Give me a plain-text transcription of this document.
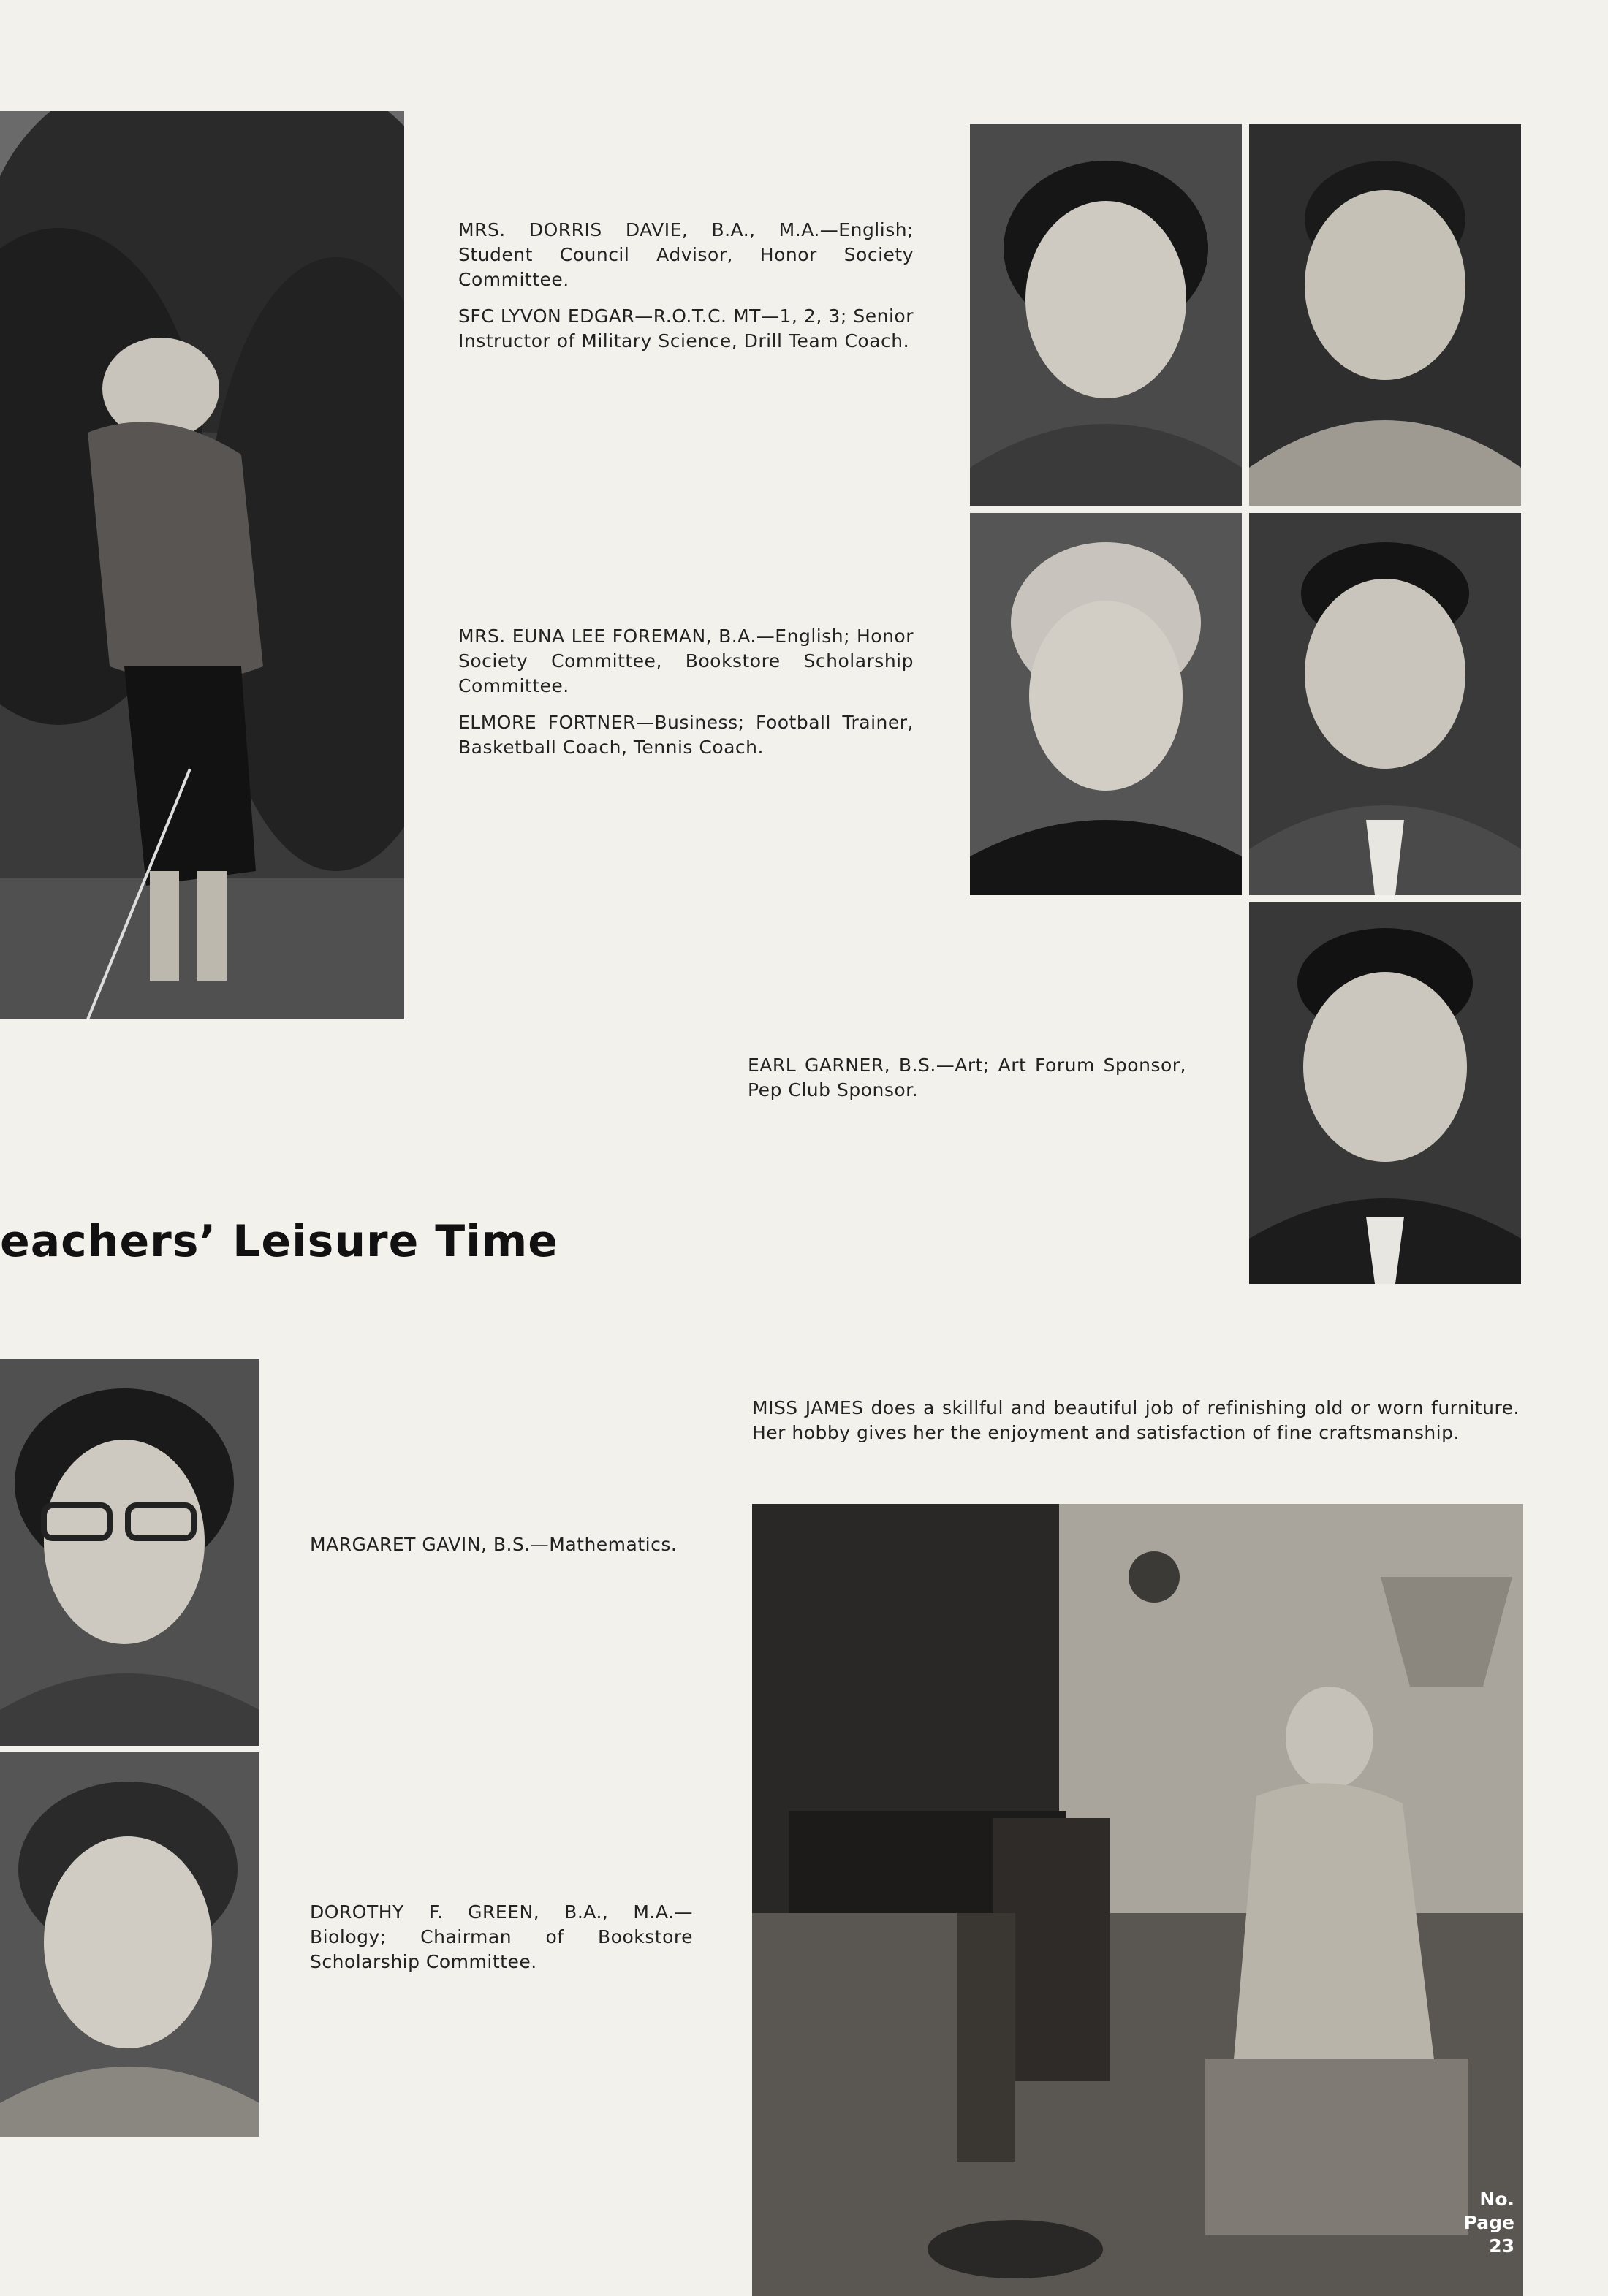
MRS. DORRIS DAVIE, B.A., M.A.—English; Student Council Advisor, Honor Society Committee.

SFC LYVON EDGAR—R.O.T.C. MT—1, 2, 3; Senior Instructor of Military Science, Drill Team Coach.

MRS. EUNA LEE FOREMAN, B.A.—English; Honor Society Committee, Bookstore Scholarship Committee.

ELMORE FORTNER—Business; Football Trainer, Basketball Coach, Tennis Coach.

EARL GARNER, B.S.—Art; Art Forum Sponsor, Pep Club Sponsor.

eachers’ Leisure Time

MISS JAMES does a skillful and beautiful job of refinishing old or worn furniture. Her hobby gives her the enjoyment and satisfaction of fine craftsmanship.

MARGARET GAVIN, B.S.—Mathematics.

DOROTHY F. GREEN, B.A., M.A.—Biology; Chairman of Bookstore Scholarship Committee.

No.
Page
23
